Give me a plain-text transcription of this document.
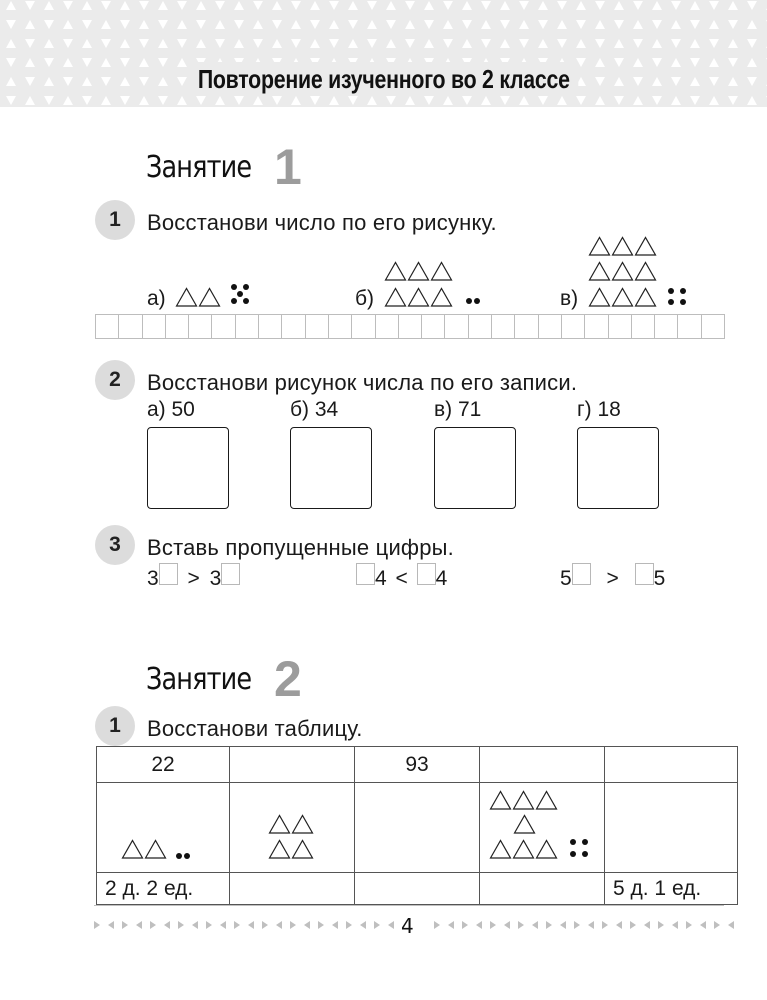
Повторение изученного во 2 классе
Занятие 1
1	Восстанови число по его рисунку.
а)	б)	в)
2	Восстанови рисунок числа по его записи.
а) 50	б) 34	в) 71	г) 18
3	Вставь пропущенные цифры.
3 > 3	4 < 4	5 > 5
Занятие 2
1	Восстанови таблицу.
22		93		

2 д. 2 ед.				5 д. 1 ед.
4
